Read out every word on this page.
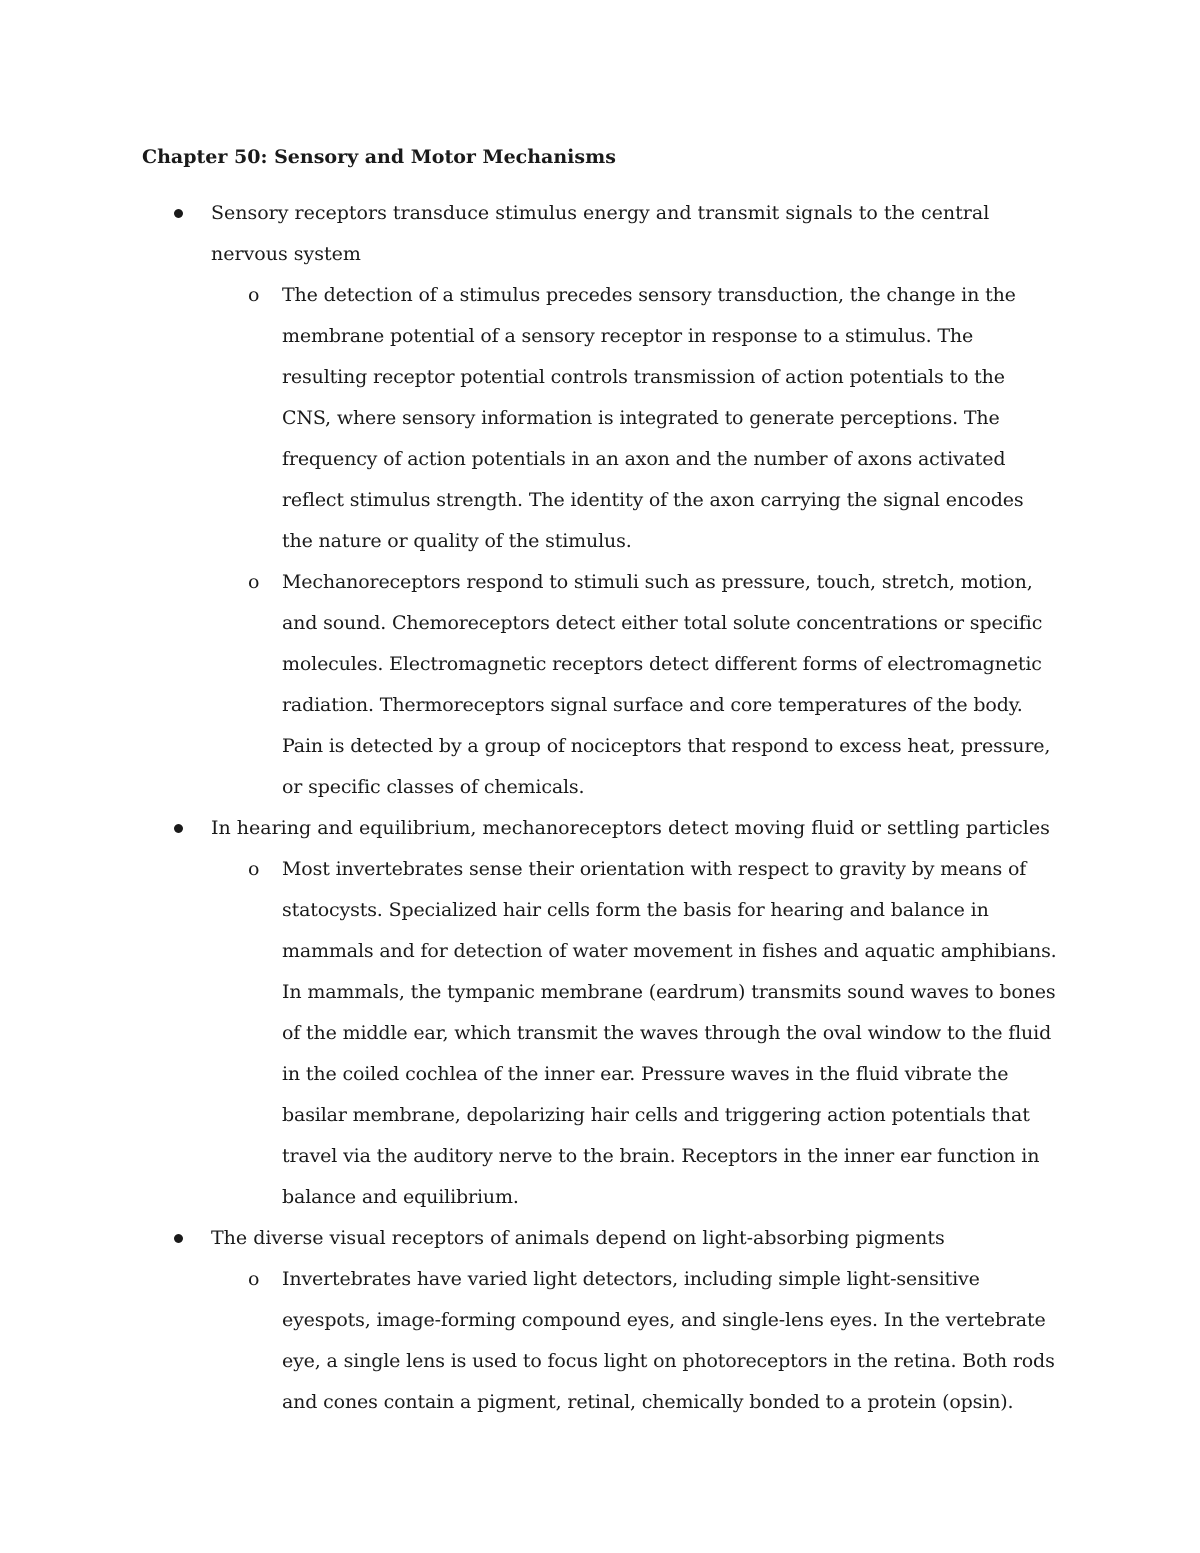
Chapter 50: Sensory and Motor Mechanisms
Sensory receptors transduce stimulus energy and transmit signals to the central nervous system
o The detection of a stimulus precedes sensory transduction, the change in the membrane potential of a sensory receptor in response to a stimulus. The resulting receptor potential controls transmission of action potentials to the CNS, where sensory information is integrated to generate perceptions. The frequency of action potentials in an axon and the number of axons activated reflect stimulus strength. The identity of the axon carrying the signal encodes the nature or quality of the stimulus.
o Mechanoreceptors respond to stimuli such as pressure, touch, stretch, motion, and sound. Chemoreceptors detect either total solute concentrations or specific molecules. Electromagnetic receptors detect different forms of electromagnetic radiation. Thermoreceptors signal surface and core temperatures of the body. Pain is detected by a group of nociceptors that respond to excess heat, pressure, or specific classes of chemicals.
In hearing and equilibrium, mechanoreceptors detect moving fluid or settling particles
o Most invertebrates sense their orientation with respect to gravity by means of statocysts. Specialized hair cells form the basis for hearing and balance in mammals and for detection of water movement in fishes and aquatic amphibians. In mammals, the tympanic membrane (eardrum) transmits sound waves to bones of the middle ear, which transmit the waves through the oval window to the fluid in the coiled cochlea of the inner ear. Pressure waves in the fluid vibrate the basilar membrane, depolarizing hair cells and triggering action potentials that travel via the auditory nerve to the brain. Receptors in the inner ear function in balance and equilibrium.
The diverse visual receptors of animals depend on light-absorbing pigments
o Invertebrates have varied light detectors, including simple light-sensitive eyespots, image-forming compound eyes, and single-lens eyes. In the vertebrate eye, a single lens is used to focus light on photoreceptors in the retina. Both rods and cones contain a pigment, retinal, chemically bonded to a protein (opsin).
